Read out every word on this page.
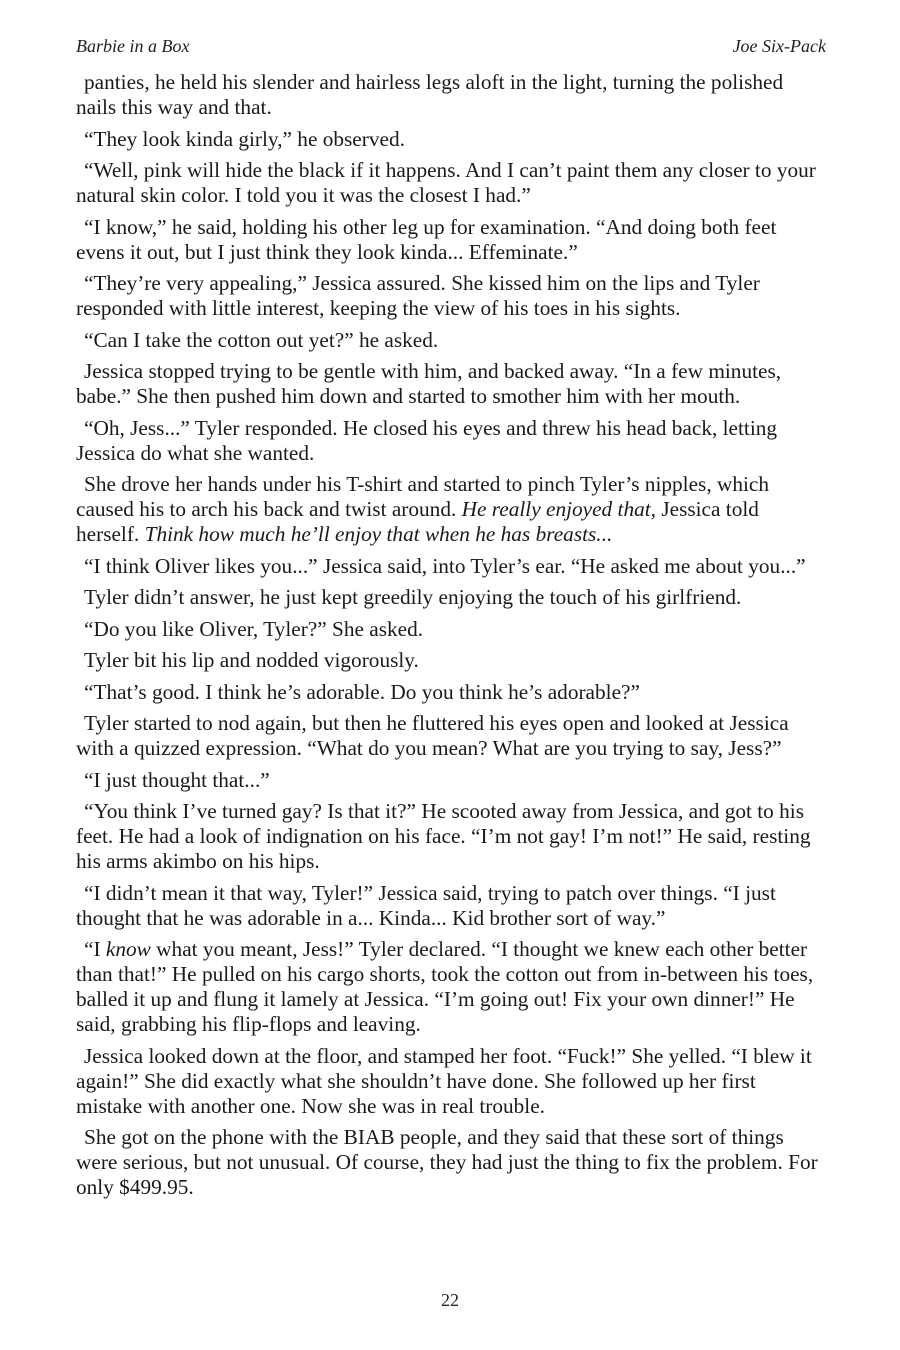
Barbie in a Box	Joe Six-Pack

panties, he held his slender and hairless legs aloft in the light, turning the polished nails this way and that.

“They look kinda girly,” he observed.

“Well, pink will hide the black if it happens. And I can’t paint them any closer to your natural skin color. I told you it was the closest I had.”

“I know,” he said, holding his other leg up for examination. “And doing both feet evens it out, but I just think they look kinda... Effeminate.”

“They’re very appealing,” Jessica assured. She kissed him on the lips and Tyler responded with little interest, keeping the view of his toes in his sights.

“Can I take the cotton out yet?” he asked.

Jessica stopped trying to be gentle with him, and backed away. “In a few minutes, babe.” She then pushed him down and started to smother him with her mouth.

“Oh, Jess...” Tyler responded. He closed his eyes and threw his head back, letting Jessica do what she wanted.

She drove her hands under his T-shirt and started to pinch Tyler’s nipples, which caused his to arch his back and twist around. He really enjoyed that, Jessica told herself. Think how much he’ll enjoy that when he has breasts...

“I think Oliver likes you...” Jessica said, into Tyler’s ear. “He asked me about you...”

Tyler didn’t answer, he just kept greedily enjoying the touch of his girlfriend.

“Do you like Oliver, Tyler?” She asked.

Tyler bit his lip and nodded vigorously.

“That’s good. I think he’s adorable. Do you think he’s adorable?”

Tyler started to nod again, but then he fluttered his eyes open and looked at Jessica with a quizzed expression. “What do you mean? What are you trying to say, Jess?”

“I just thought that...”

“You think I’ve turned gay? Is that it?” He scooted away from Jessica, and got to his feet. He had a look of indignation on his face. “I’m not gay! I’m not!” He said, resting his arms akimbo on his hips.

“I didn’t mean it that way, Tyler!” Jessica said, trying to patch over things. “I just thought that he was adorable in a... Kinda... Kid brother sort of way.”

“I know what you meant, Jess!” Tyler declared. “I thought we knew each other better than that!” He pulled on his cargo shorts, took the cotton out from in-between his toes, balled it up and flung it lamely at Jessica. “I’m going out! Fix your own dinner!” He said, grabbing his flip-flops and leaving.

Jessica looked down at the floor, and stamped her foot. “Fuck!” She yelled. “I blew it again!” She did exactly what she shouldn’t have done. She followed up her first mistake with another one. Now she was in real trouble.

She got on the phone with the BIAB people, and they said that these sort of things were serious, but not unusual. Of course, they had just the thing to fix the problem. For only $499.95.

22
